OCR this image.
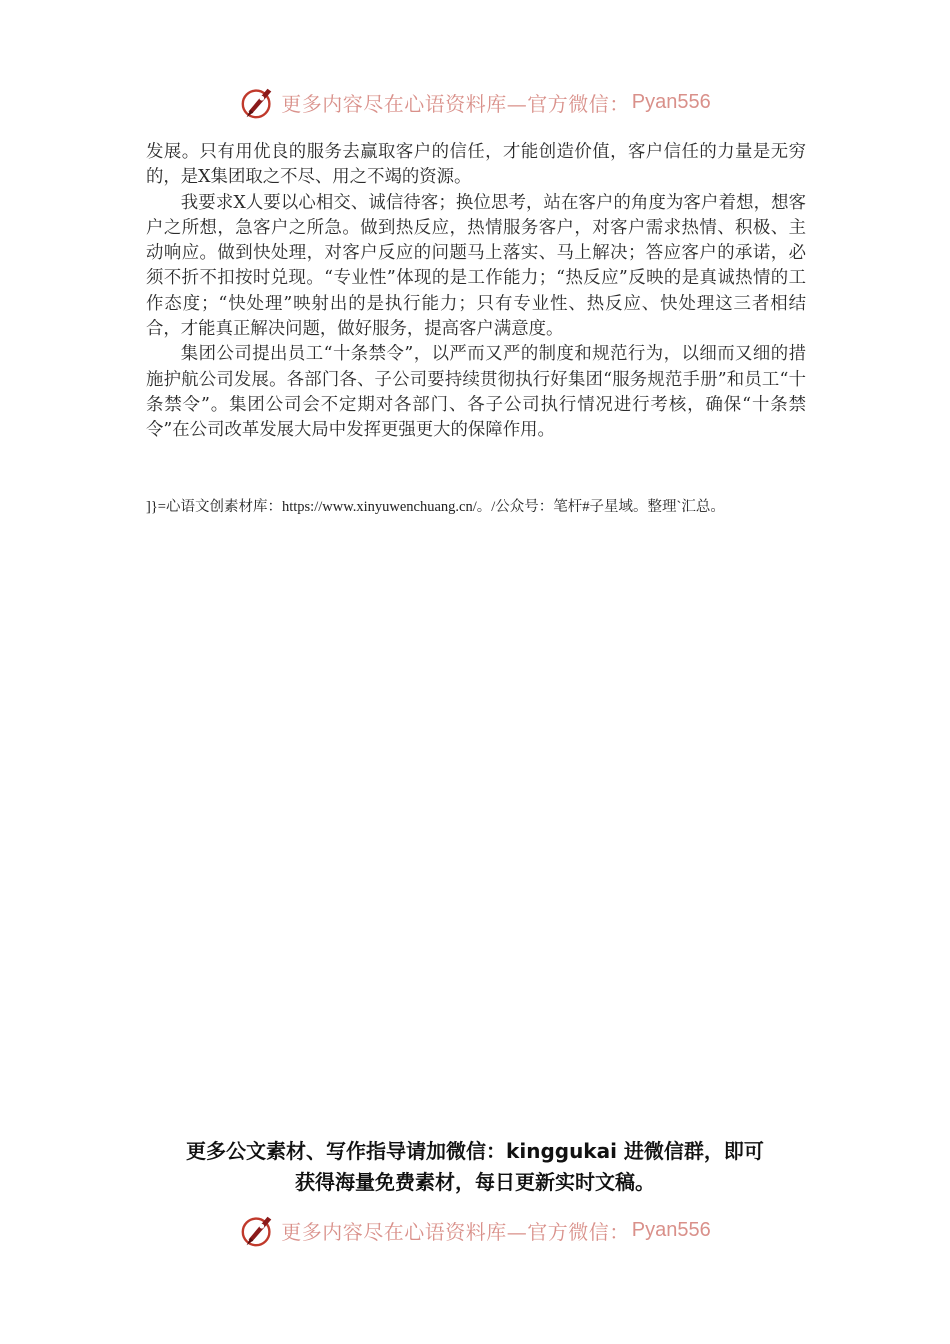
更多内容尽在心语资料库—官方微信： Pyan556

发展。只有用优良的服务去赢取客户的信任，才能创造价值，客户信任的力量是无穷的，是X集团取之不尽、用之不竭的资源。

我要求X人要以心相交、诚信待客；换位思考，站在客户的角度为客户着想，想客户之所想，急客户之所急。做到热反应，热情服务客户，对客户需求热情、积极、主动响应。做到快处理，对客户反应的问题马上落实、马上解决；答应客户的承诺，必须不折不扣按时兑现。“专业性”体现的是工作能力；“热反应”反映的是真诚热情的工作态度；“快处理”映射出的是执行能力；只有专业性、热反应、快处理这三者相结合，才能真正解决问题，做好服务，提高客户满意度。

集团公司提出员工“十条禁令”，以严而又严的制度和规范行为，以细而又细的措施护航公司发展。各部门各、子公司要持续贯彻执行好集团“服务规范手册”和员工“十条禁令”。集团公司会不定期对各部门、各子公司执行情况进行考核，确保“十条禁令”在公司改革发展大局中发挥更强更大的保障作用。

]}=心语文创素材库：https://www.xinyuwenchuang.cn/。/公众号：笔杆#子星域。整理`汇总。
更多公文素材、写作指导请加微信：kinggukai 进微信群，即可
获得海量免费素材，每日更新实时文稿。
更多内容尽在心语资料库—官方微信： Pyan556
